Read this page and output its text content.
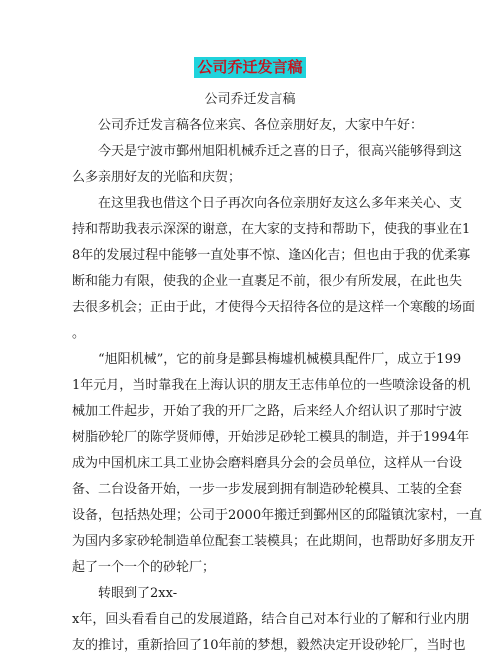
公司乔迁发言稿
公司乔迁发言稿
公司乔迁发言稿各位来宾、各位亲朋好友，大家中午好：
今天是宁波市鄞州旭阳机械乔迁之喜的日子，很高兴能够得到这
么多亲朋好友的光临和庆贺；
在这里我也借这个日子再次向各位亲朋好友这么多年来关心、支
持和帮助我表示深深的谢意，在大家的支持和帮助下，使我的事业在1
8年的发展过程中能够一直处事不惊、逢凶化吉；但也由于我的优柔寡
断和能力有限，使我的企业一直裹足不前，很少有所发展，在此也失
去很多机会；正由于此，才使得今天招待各位的是这样一个寒酸的场面
。
“旭阳机械”，它的前身是鄞县梅墟机械模具配件厂，成立于199
1年元月，当时靠我在上海认识的朋友王志伟单位的一些喷涂设备的机
械加工件起步，开始了我的开厂之路，后来经人介绍认识了那时宁波
树脂砂轮厂的陈学贤师傅，开始涉足砂轮工模具的制造，并于1994年
成为中国机床工具工业协会磨料磨具分会的会员单位，这样从一台设
备、二台设备开始，一步一步发展到拥有制造砂轮模具、工装的全套
设备，包括热处理；公司于2000年搬迁到鄞州区的邱隘镇沈家村，一直
为国内多家砂轮制造单位配套工装模具；在此期间，也帮助好多朋友开
起了一个一个的砂轮厂；
转眼到了2xx-
x年，回头看看自己的发展道路，结合自己对本行业的了解和行业内朋
友的推讨，重新拾回了10年前的梦想，毅然决定开设砂轮厂，当时也
